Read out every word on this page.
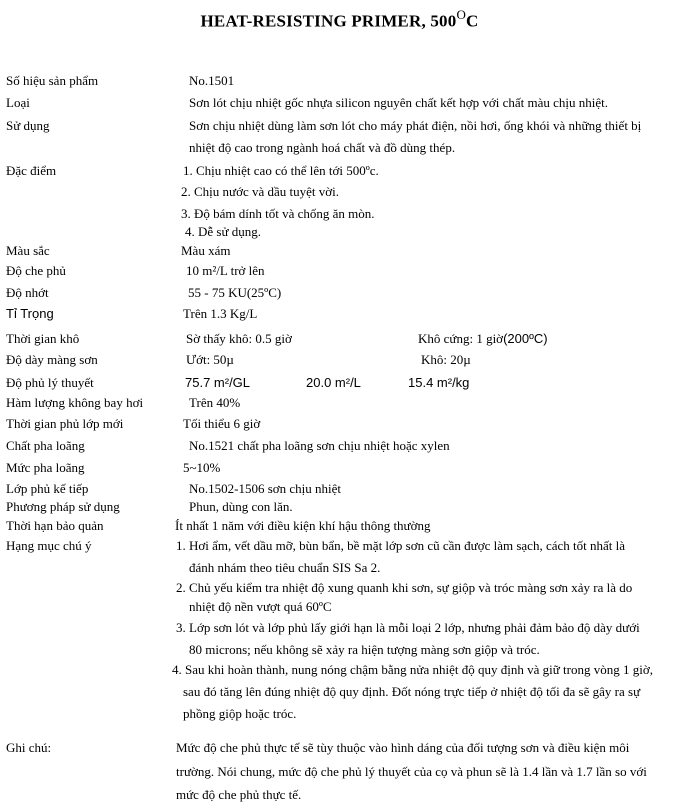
HEAT-RESISTING PRIMER, $500^OC$
Số hiệu sản phẩm	No.1501
Loại	Sơn lót chịu nhiệt gốc nhựa silicon nguyên chất kết hợp với chất màu chịu nhiệt.
Sử dụng	Sơn chịu nhiệt dùng làm sơn lót cho máy phát điện, nồi hơi, ống khói và những thiết bị
nhiệt độ cao trong ngành hoá chất và đồ dùng thép.
Đặc điểm	1. Chịu nhiệt cao có thể lên tới 500ºc.
2. Chịu nước và dầu tuyệt vời.
3. Độ bám dính tốt và chống ăn mòn.
4. Dễ sử dụng.
Màu sắc	Màu xám
Độ che phủ	10 m²/L trở lên
Độ nhớt	55 - 75 KU(25ºC)
Tỉ Trọng	Trên 1.3 Kg/L
Thời gian khô	Sờ thấy khô: 0.5 giờ	Khô cứng: 1 giờ(200ºC)
Độ dày màng sơn	Ướt: 50µ	Khô: 20µ
Độ phủ lý thuyết	75.7 m²/GL	20.0 m²/L	15.4 m²/kg
Hàm lượng không bay hơi	Trên 40%
Thời gian phủ lớp mới	Tối thiểu 6 giờ
Chất pha loãng	No.1521 chất pha loãng sơn chịu nhiệt hoặc xylen
Mức pha loãng	5~10%
Lớp phủ kế tiếp	No.1502-1506 sơn chịu nhiệt
Phương pháp sử dụng	Phun, dùng con lăn.
Thời hạn bảo quản	Ít nhất 1 năm với điều kiện khí hậu thông thường
Hạng mục chú ý	1. Hơi ẩm, vết dầu mỡ, bùn bẩn, bề mặt lớp sơn cũ cần được làm sạch, cách tốt nhất là
đánh nhám theo tiêu chuẩn SIS Sa 2.
2. Chủ yếu kiểm tra nhiệt độ xung quanh khi sơn, sự giộp và tróc màng sơn xảy ra là do
nhiệt độ nền vượt quá 60ºC
3. Lớp sơn lót và lớp phủ lấy giới hạn là mỗi loại 2 lớp, nhưng phải đảm bảo độ dày dưới
80 microns; nếu không sẽ xảy ra hiện tượng màng sơn giộp và tróc.
4. Sau khi hoàn thành, nung nóng chậm bằng nửa nhiệt độ quy định và giữ trong vòng 1 giờ,
sau đó tăng lên đúng nhiệt độ quy định. Đốt nóng trực tiếp ở nhiệt độ tối đa sẽ gây ra sự
phồng giộp hoặc tróc.
Ghi chú:	Mức độ che phủ thực tế sẽ tùy thuộc vào hình dáng của đối tượng sơn và điều kiện môi
trường. Nói chung, mức độ che phủ lý thuyết của cọ và phun sẽ là 1.4 lần và 1.7 lần so với
mức độ che phủ thực tế.
